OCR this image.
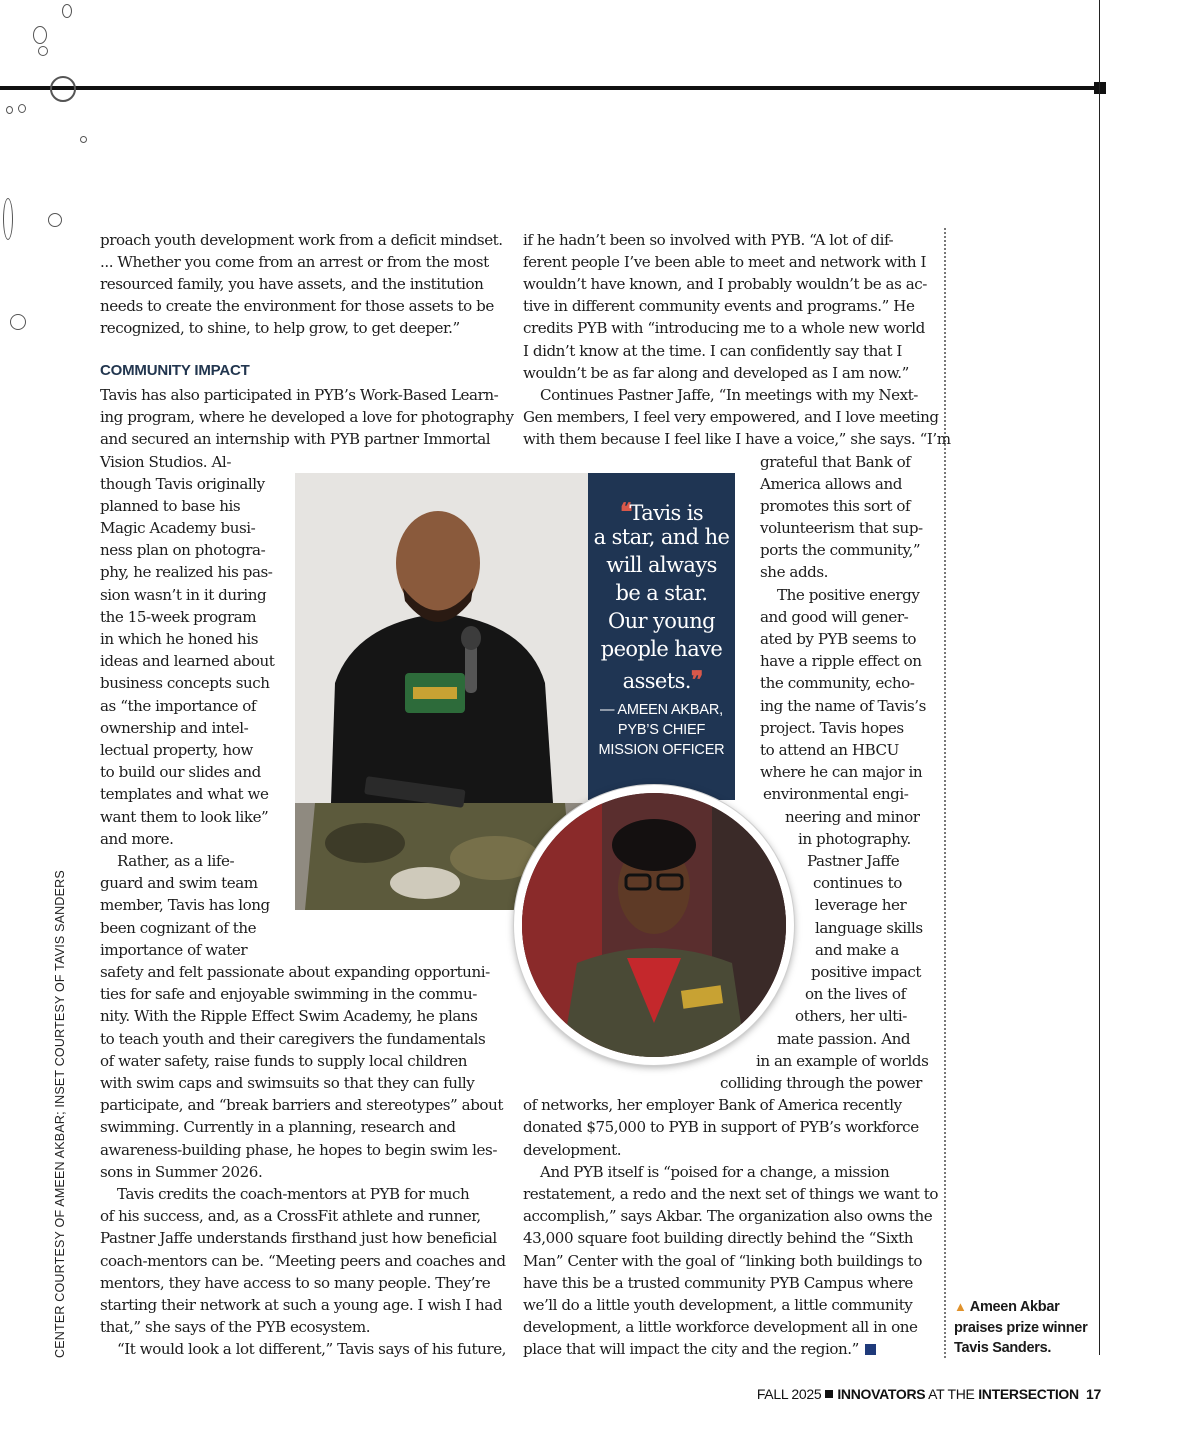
proach youth development work from a deficit mindset.
... Whether you come from an arrest or from the most
resourced family, you have assets, and the institution
needs to create the environment for those assets to be
recognized, to shine, to help grow, to get deeper.”
COMMUNITY IMPACT
Tavis has also participated in PYB’s Work-Based Learn-
ing program, where he developed a love for photography
and secured an internship with PYB partner Immortal
Vision Studios. Al-
though Tavis originally
planned to base his
Magic Academy busi-
ness plan on photogra-
phy, he realized his pas-
sion wasn’t in it during
the 15-week program
in which he honed his
ideas and learned about
business concepts such
as “the importance of
ownership and intel-
lectual property, how
to build our slides and
templates and what we
want them to look like”
and more.
Rather, as a life-
guard and swim team
member, Tavis has long
been cognizant of the
importance of water
safety and felt passionate about expanding opportuni-
ties for safe and enjoyable swimming in the commu-
nity. With the Ripple Effect Swim Academy, he plans
to teach youth and their caregivers the fundamentals
of water safety, raise funds to supply local children
with swim caps and swimsuits so that they can fully
participate, and “break barriers and stereotypes” about
swimming. Currently in a planning, research and
awareness-building phase, he hopes to begin swim les-
sons in Summer 2026.
Tavis credits the coach-mentors at PYB for much
of his success, and, as a CrossFit athlete and runner,
Pastner Jaffe understands firsthand just how beneficial
coach-mentors can be. “Meeting peers and coaches and
mentors, they have access to so many people. They’re
starting their network at such a young age. I wish I had
that,” she says of the PYB ecosystem.
“It would look a lot different,” Tavis says of his future,
if he hadn’t been so involved with PYB. “A lot of dif-
ferent people I’ve been able to meet and network with I
wouldn’t have known, and I probably wouldn’t be as ac-
tive in different community events and programs.” He
credits PYB with “introducing me to a whole new world
I didn’t know at the time. I can confidently say that I
wouldn’t be as far along and developed as I am now.”
Continues Pastner Jaffe, “In meetings with my Next-
Gen members, I feel very empowered, and I love meeting
with them because I feel like I have a voice,” she says. “I’m
grateful that Bank of
America allows and
promotes this sort of
volunteerism that sup-
ports the community,”
she adds.
The positive energy
and good will gener-
ated by PYB seems to
have a ripple effect on
the community, echo-
ing the name of Tavis’s
project. Tavis hopes
to attend an HBCU
where he can major in
environmental engi-
neering and minor
in photography.
Pastner Jaffe
continues to
leverage her
language skills
and make a
positive impact
on the lives of
others, her ulti-
mate passion. And
in an example of worlds
colliding through the power
of networks, her employer Bank of America recently
donated $75,000 to PYB in support of PYB’s workforce
development.
And PYB itself is “poised for a change, a mission
restatement, a redo and the next set of things we want to
accomplish,” says Akbar. The organization also owns the
43,000 square foot building directly behind the “Sixth
Man” Center with the goal of “linking both buildings to
have this be a trusted community PYB Campus where
we’ll do a little youth development, a little community
development, a little workforce development all in one
place that will impact the city and the region.”
❛❛Tavis is
a star, and he
will always
be a star.
Our young
people have
assets.❜❜
— AMEEN AKBAR,
PYB’S CHIEF
MISSION OFFICER
CENTER COURTESY OF AMEEN AKBAR; INSET COURTESY OF TAVIS SANDERS	▲ Ameen Akbar
praises prize winner
Tavis Sanders.
FALL 2025 INNOVATORS AT THE INTERSECTION 17
